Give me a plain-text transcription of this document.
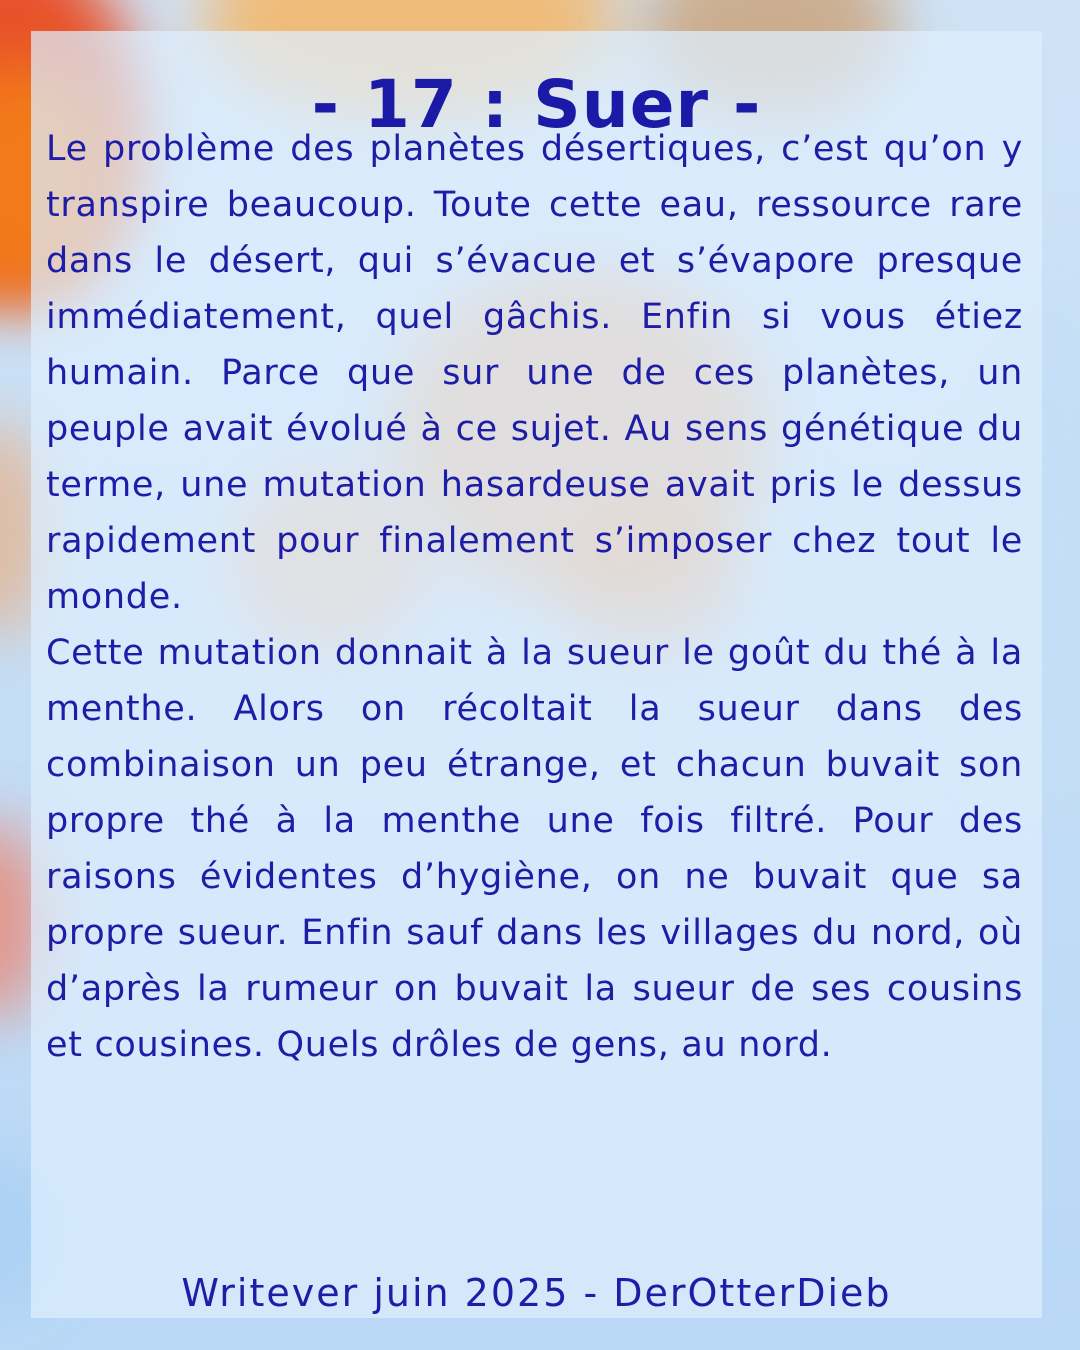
- 17 : Suer -

Le problème des planètes désertiques, c’est qu’on y transpire beaucoup. Toute cette eau, ressource rare dans le désert, qui s’évacue et s’évapore presque immédiatement, quel gâchis. Enfin si vous étiez humain. Parce que sur une de ces planètes, un peuple avait évolué à ce sujet. Au sens génétique du terme, une mutation hasardeuse avait pris le dessus rapidement pour finalement s’imposer chez tout le monde.

Cette mutation donnait à la sueur le goût du thé à la menthe. Alors on récoltait la sueur dans des combinaison un peu étrange, et chacun buvait son propre thé à la menthe une fois filtré. Pour des raisons évidentes d’hygiène, on ne buvait que sa propre sueur. Enfin sauf dans les villages du nord, où d’après la rumeur on buvait la sueur de ses cousins et cousines. Quels drôles de gens, au nord.

Writever juin 2025 - DerOtterDieb
